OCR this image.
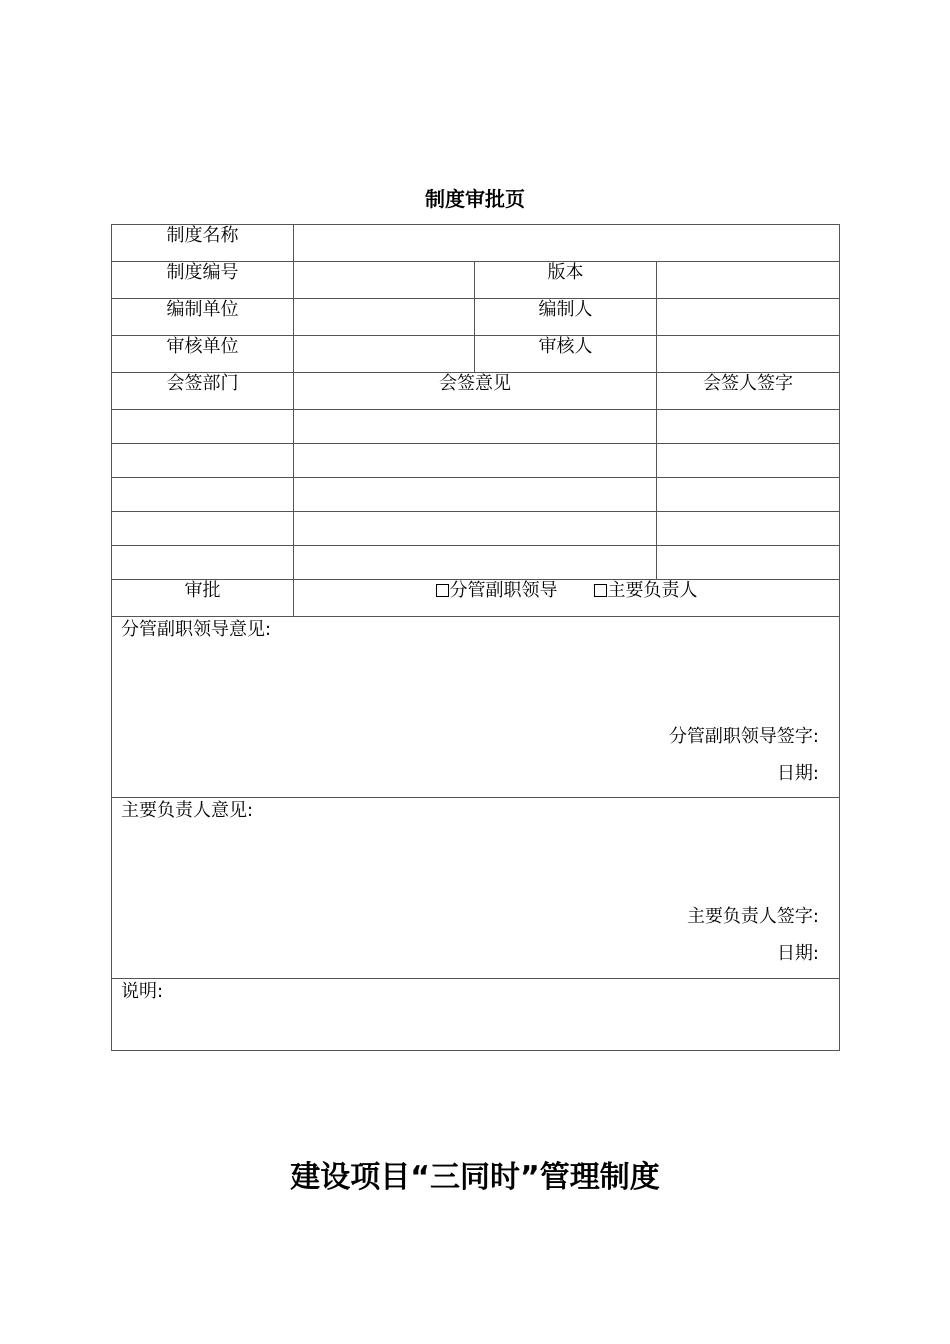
制度审批页
制度名称			
制度编号		版本	
编制单位		编制人	
审核单位		审核人	
会签部门	会签意见		会签人签字

审批	分管副职领导 主要负责人		

分管副职领导意见:
分管副职领导签字:
日期:			

主要负责人意见:
主要负责人签字:
日期:			

说明:			
建设项目“三同时”管理制度
